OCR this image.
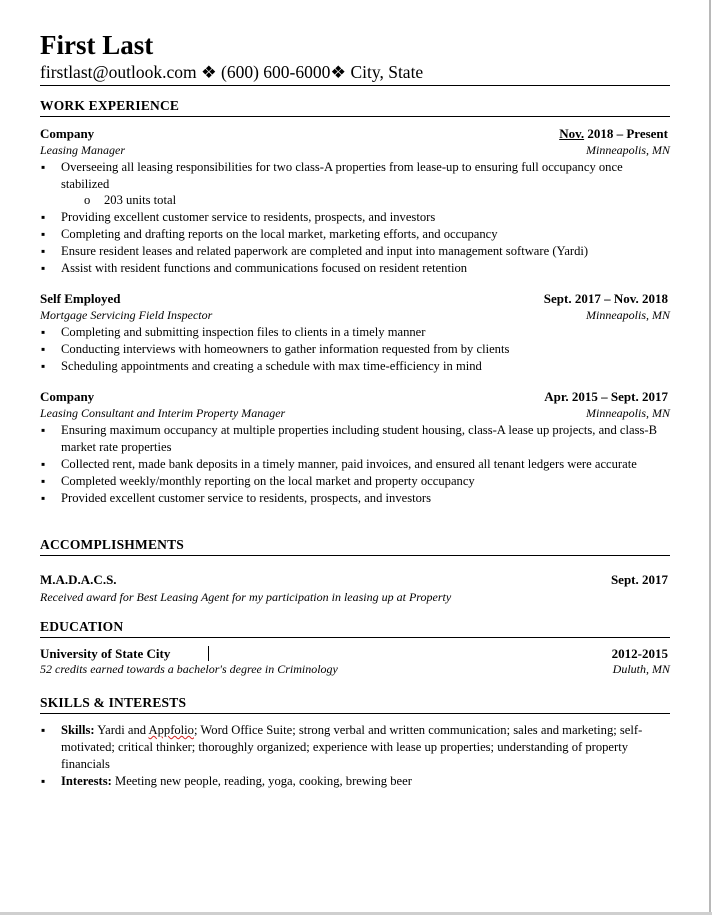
First Last
firstlast@outlook.com ❖ (600) 600-6000❖ City, State
WORK EXPERIENCE
Company	Nov. 2018 – Present
Leasing Manager	Minneapolis, MN
▪ Overseeing all leasing responsibilities for two class-A properties from lease-up to ensuring full occupancy once stabilized
o 203 units total
▪ Providing excellent customer service to residents, prospects, and investors
▪ Completing and drafting reports on the local market, marketing efforts, and occupancy
▪ Ensure resident leases and related paperwork are completed and input into management software (Yardi)
▪ Assist with resident functions and communications focused on resident retention
Self Employed	Sept. 2017 – Nov. 2018
Mortgage Servicing Field Inspector	Minneapolis, MN
▪ Completing and submitting inspection files to clients in a timely manner
▪ Conducting interviews with homeowners to gather information requested from by clients
▪ Scheduling appointments and creating a schedule with max time-efficiency in mind
Company	Apr. 2015 – Sept. 2017
Leasing Consultant and Interim Property Manager	Minneapolis, MN
▪ Ensuring maximum occupancy at multiple properties including student housing, class-A lease up projects, and class-B market rate properties
▪ Collected rent, made bank deposits in a timely manner, paid invoices, and ensured all tenant ledgers were accurate
▪ Completed weekly/monthly reporting on the local market and property occupancy
▪ Provided excellent customer service to residents, prospects, and investors
ACCOMPLISHMENTS
M.A.D.A.C.S.	Sept. 2017
Received award for Best Leasing Agent for my participation in leasing up at Property
EDUCATION
University of State City	2012-2015
52 credits earned towards a bachelor's degree in Criminology	Duluth, MN
SKILLS & INTERESTS
▪ Skills: Yardi and Appfolio; Word Office Suite; strong verbal and written communication; sales and marketing; self-motivated; critical thinker; thoroughly organized; experience with lease up properties; understanding of property financials
▪ Interests: Meeting new people, reading, yoga, cooking, brewing beer
